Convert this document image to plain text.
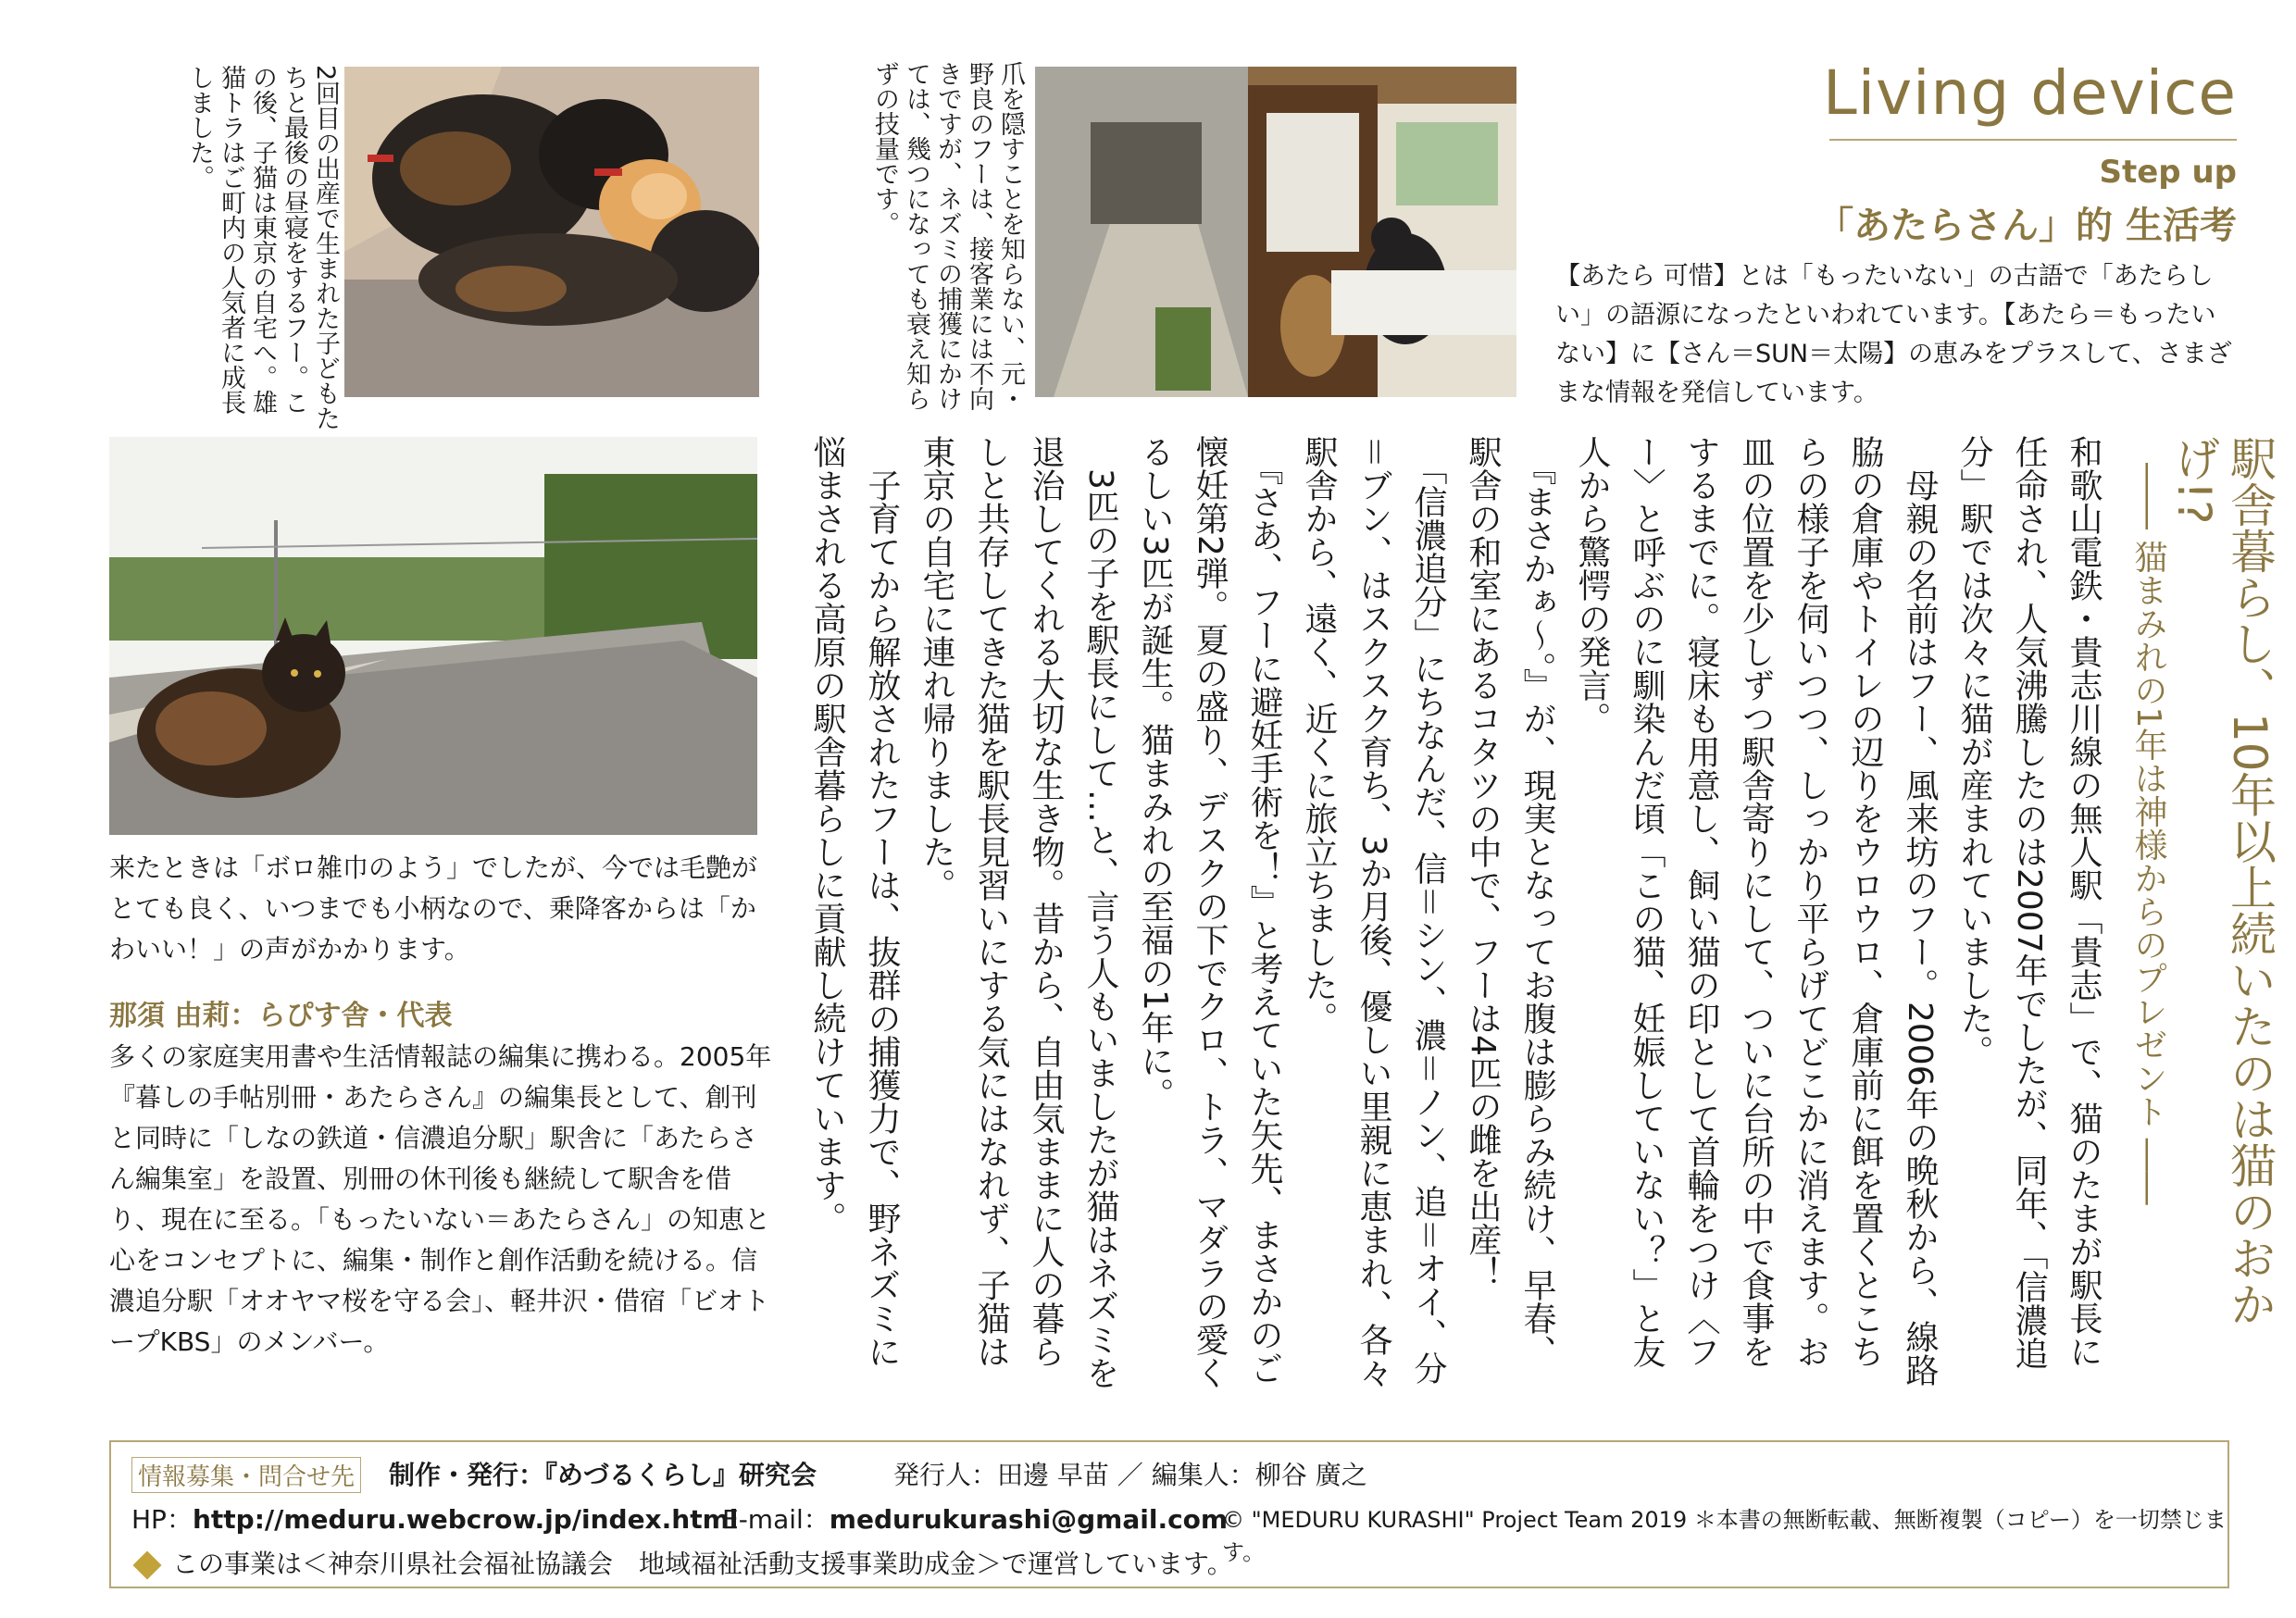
Living device
Step up
「あたらさん」的 生活考
【あたら 可惜】とは「もったいない」の古語で「あたらしい」の語源になったといわれています。【あたら＝もったいない】に【さん＝SUN＝太陽】の恵みをプラスして、さまざまな情報を発信しています。
駅舎暮らし、10年以上続いたのは猫のおかげ!?
―― 猫まみれの1年は神様からのプレゼント ――

和歌山電鉄・貴志川線の無人駅「貴志」で、猫のたまが駅長に任命され、人気沸騰したのは2007年でしたが、同年、「信濃追分」駅では次々に猫が産まれていました。

　母親の名前はフー、風来坊のフー。2006年の晩秋から、線路脇の倉庫やトイレの辺りをウロウロ、倉庫前に餌を置くとこちらの様子を伺いつつ、しっかり平らげてどこかに消えます。お皿の位置を少しずつ駅舎寄りにして、ついに台所の中で食事をするまでに。寝床も用意し、飼い猫の印として首輪をつけ〈フー〉と呼ぶのに馴染んだ頃「この猫、妊娠していない？」と友人から驚愕の発言。

　『まさかぁ～。』が、現実となってお腹は膨らみ続け、早春、駅舎の和室にあるコタツの中で、フーは4匹の雌を出産！

　「信濃追分」にちなんだ、信＝シン、濃＝ノン、追＝オイ、分＝ブン、はスクスク育ち、3か月後、優しい里親に恵まれ、各々駅舎から、遠く、近くに旅立ちました。

　『さあ、フーに避妊手術を！』と考えていた矢先、まさかのご懐妊第2弾。夏の盛り、デスクの下でクロ、トラ、マダラの愛くるしい3匹が誕生。猫まみれの至福の1年に。

　3匹の子を駅長にして…と、言う人もいましたが猫はネズミを退治してくれる大切な生き物。昔から、自由気ままに人の暮らしと共存してきた猫を駅長見習いにする気にはなれず、子猫は東京の自宅に連れ帰りました。

　子育てから解放されたフーは、抜群の捕獲力で、野ネズミに悩まされる高原の駅舎暮らしに貢献し続けています。

2回目の出産で生まれた子どもたちと最後の昼寝をするフー。この後、子猫は東京の自宅へ。雄猫トラはご町内の人気者に成長しました。	爪を隠すことを知らない、元・野良のフーは、接客業には不向きですが、ネズミの捕獲にかけては、幾つになっても衰え知らずの技量です。
来たときは「ボロ雑巾のよう」でしたが、今では毛艶がとても良く、いつまでも小柄なので、乗降客からは「かわいい！」の声がかかります。
那須 由莉：らぴす舎・代表
多くの家庭実用書や生活情報誌の編集に携わる。2005年『暮しの手帖別冊・あたらさん』の編集長として、創刊と同時に「しなの鉄道・信濃追分駅」駅舎に「あたらさん編集室」を設置、別冊の休刊後も継続して駅舎を借り、現在に至る。「もったいない＝あたらさん」の知恵と心をコンセプトに、編集・制作と創作活動を続ける。信濃追分駅「オオヤマ桜を守る会」、軽井沢・借宿「ビオトープKBS」のメンバー。
情報募集・問合せ先 制作・発行：『めづるくらし』研究会	発行人：田邊 早苗 ／ 編集人：柳谷 廣之
HP：http://meduru.webcrow.jp/index.html
E-mail：medurukurashi@gmail.com
© "MEDURU KURASHI" Project Team 2019 ＊本書の無断転載、無断複製（コピー）を一切禁じます。
この事業は＜神奈川県社会福祉協議会　地域福祉活動支援事業助成金＞で運営しています。
